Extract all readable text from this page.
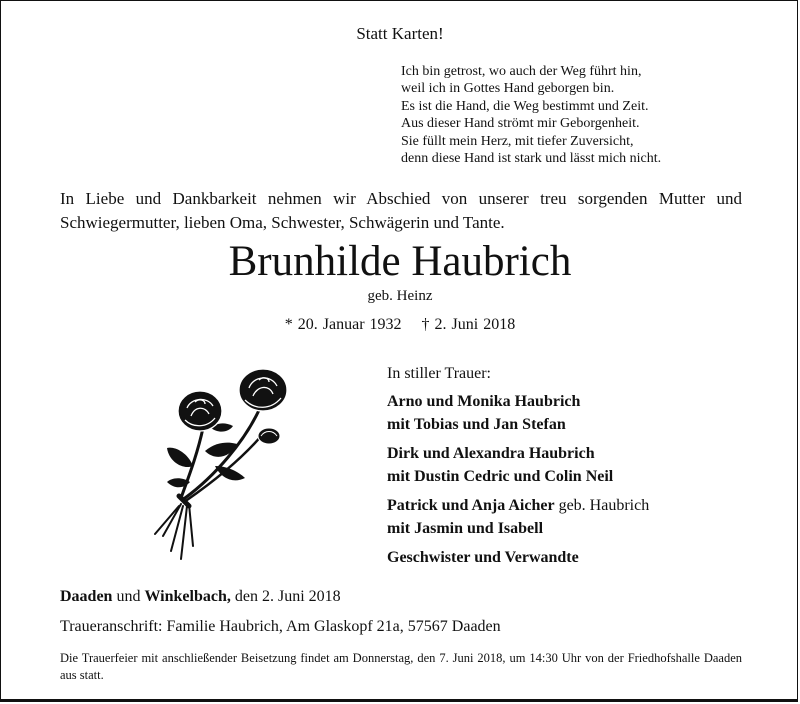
Statt Karten!
Ich bin getrost, wo auch der Weg führt hin,
weil ich in Gottes Hand geborgen bin.
Es ist die Hand, die Weg bestimmt und Zeit.
Aus dieser Hand strömt mir Geborgenheit.
Sie füllt mein Herz, mit tiefer Zuversicht,
denn diese Hand ist stark und lässt mich nicht.
In Liebe und Dankbarkeit nehmen wir Abschied von unserer treu sorgenden Mutter und Schwiegermutter, lieben Oma, Schwester, Schwägerin und Tante.
Brunhilde Haubrich
geb. Heinz
* 20. Januar 1932 † 2. Juni 2018
In stiller Trauer:
Arno und Monika Haubrich
mit Tobias und Jan Stefan
Dirk und Alexandra Haubrich
mit Dustin Cedric und Colin Neil
Patrick und Anja Aicher geb. Haubrich
mit Jasmin und Isabell
Geschwister und Verwandte
Daaden und Winkelbach, den 2. Juni 2018
Traueranschrift: Familie Haubrich, Am Glaskopf 21a, 57567 Daaden
Die Trauerfeier mit anschließender Beisetzung findet am Donnerstag, den 7. Juni 2018, um 14:30 Uhr von der Friedhofshalle Daaden aus statt.
